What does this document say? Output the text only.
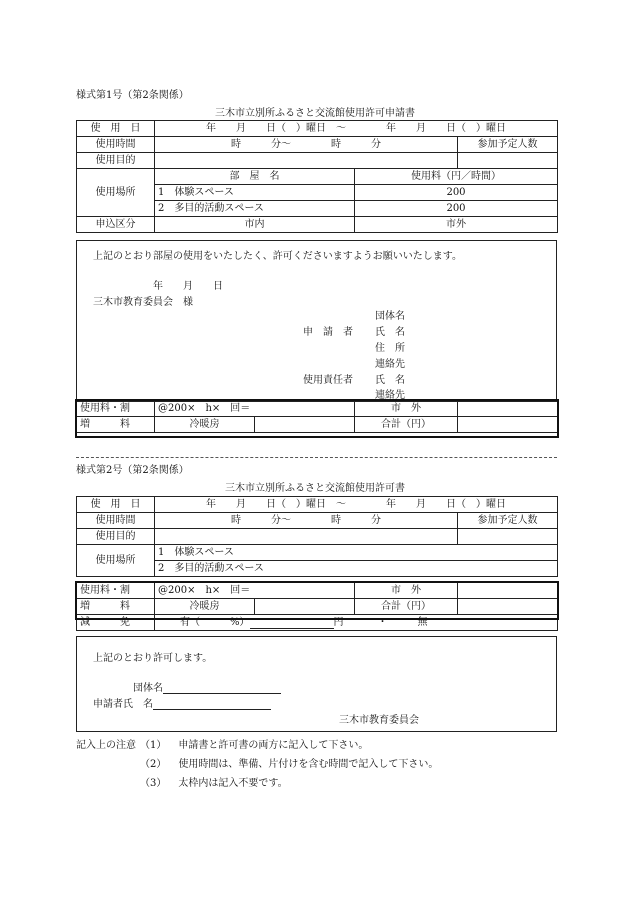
様式第1号（第2条関係）
三木市立別所ふるさと交流館使用許可申請書
使　用　日	年　　月　　日（　）曜日　～　　　　年　　月　　日（　）曜日		
使用時間	時　　　分～　　　　時　　　分		参加予定人数
使用目的			
使用場所	部　屋　名	使用料（円／時間）	
	1　体験スペース	200	
	2　多目的活動スペース	200	
申込区分	市内	市外	
上記のとおり部屋の使用をいたしたく、許可くださいますようお願いいたします。
年　　月　　日
三木市教育委員会　様
団体名
申　請　者 氏　名
住　所
連絡先
使用責任者 氏　名
連絡先
使用料・割	@200×　h×　回＝		市　外	
増　　　料	冷暖房		合計（円）	
様式第2号（第2条関係）
三木市立別所ふるさと交流館使用許可書
使　用　日	年　　月　　日（　）曜日　～　　　　年　　月　　日（　）曜日	
使用時間	時　　　分～　　　　時　　　分	参加予定人数
使用目的		
使用場所	1　体験スペース	
	2　多目的活動スペース	
使用料・割	@200×　h×　回＝		市　外	
増　　　料	冷暖房		合計（円）	
減　　　免	有（　　　%） 円 ・ 無			
上記のとおり許可します。
団体名
申請者氏　名
三木市教育委員会
記入上の注意 （1） 申請書と許可書の両方に記入して下さい。
（2） 使用時間は、準備、片付けを含む時間で記入して下さい。
（3） 太枠内は記入不要です。
